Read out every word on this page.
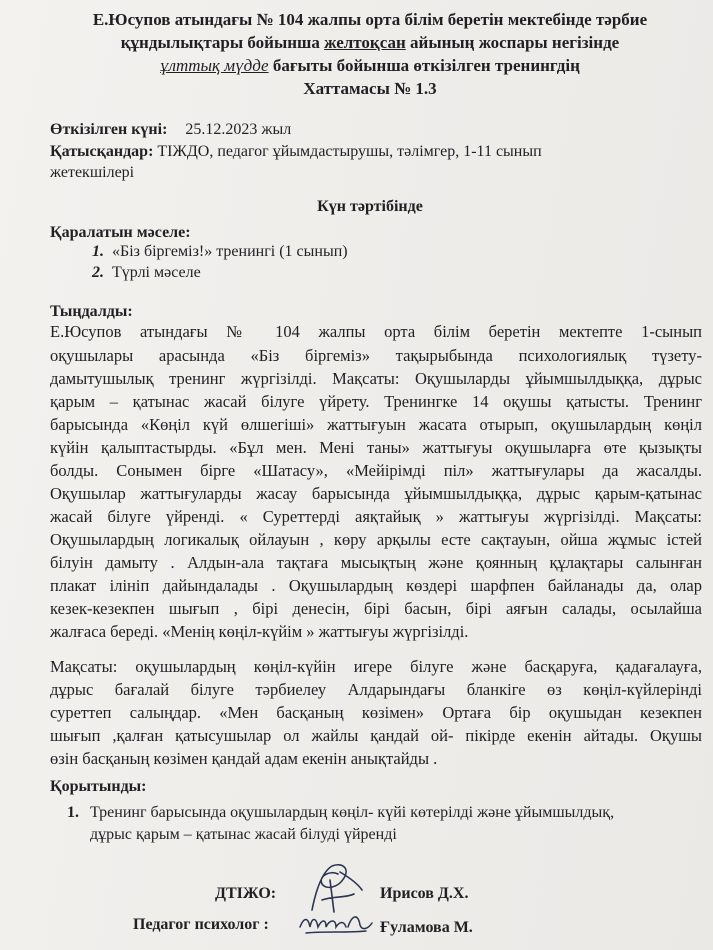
Е.Юсупов атындағы № 104 жалпы орта білім беретін мектебінде тәрбие
құндылықтары бойынша желтоқсан айының жоспары негізінде
ұлттық мүдде бағыты бойынша өткізілген тренингдің
Хаттамасы № 1.3
Өткізілген күні: 25.12.2023 жыл
Қатысқандар: ТІЖДО, педагог ұйымдастырушы, тәлімгер, 1-11 сынып
жетекшілері
Күн тәртібінде
Қаралатын мәселе:
1. «Біз біргеміз!» тренингі (1 сынып)
2. Түрлі мәселе
Тыңдалды:
Е.Юсупов атындағы № 104 жалпы орта білім беретін мектепте 1-сынып
оқушылары арасында «Біз біргеміз» тақырыбында психологиялық түзету-
дамытушылық тренинг жүргізілді. Мақсаты: Оқушыларды ұйымшылдыққа, дұрыс
қарым – қатынас жасай білуге үйрету. Тренингке 14 оқушы қатысты. Тренинг
барысында «Көңіл күй өлшегіші» жаттығуын жасата отырып, оқушылардың көңіл
күйін қалыптастырды. «Бұл мен. Мені таны» жаттығуы оқушыларға өте қызықты
болды. Сонымен бірге «Шатасу», «Мейірімді піл» жаттығулары да жасалды.
Оқушылар жаттығуларды жасау барысында ұйымшылдыққа, дұрыс қарым-қатынас
жасай білуге үйренді. « Суреттерді аяқтайық » жаттығуы жүргізілді. Мақсаты:
Оқушылардың логикалық ойлауын , көру арқылы есте сақтауын, ойша жұмыс істей
білуін дамыту . Алдын-ала тақтаға мысықтың және қоянның құлақтары салынған
плакат ілініп дайындалады . Оқушылардың көздері шарфпен байланады да, олар
кезек-кезекпен шығып , бірі денесін, бірі басын, бірі аяғын салады, осылайша
жалғаса береді. «Менің көңіл-күйім » жаттығуы жүргізілді.
Мақсаты: оқушылардың көңіл-күйін игере білуге және басқаруға, қадағалауға,
дұрыс бағалай білуге тәрбиелеу Алдарындағы бланкіге өз көңіл-күйлерінді
суреттеп салыңдар. «Мен басқаның көзімен» Ортаға бір оқушыдан кезекпен
шығып ,қалған қатысушылар ол жайлы қандай ой- пікірде екенін айтады. Оқушы
өзін басқаның көзімен қандай адам екенін анықтайды .
Қорытынды:
1. Тренинг барысында оқушылардың көңіл- күйі көтерілді және ұйымшылдық,
дұрыс қарым – қатынас жасай білуді үйренді
ДТІЖО:	Ирисов Д.Х.
Педагог психолог :	Ғуламова М.
